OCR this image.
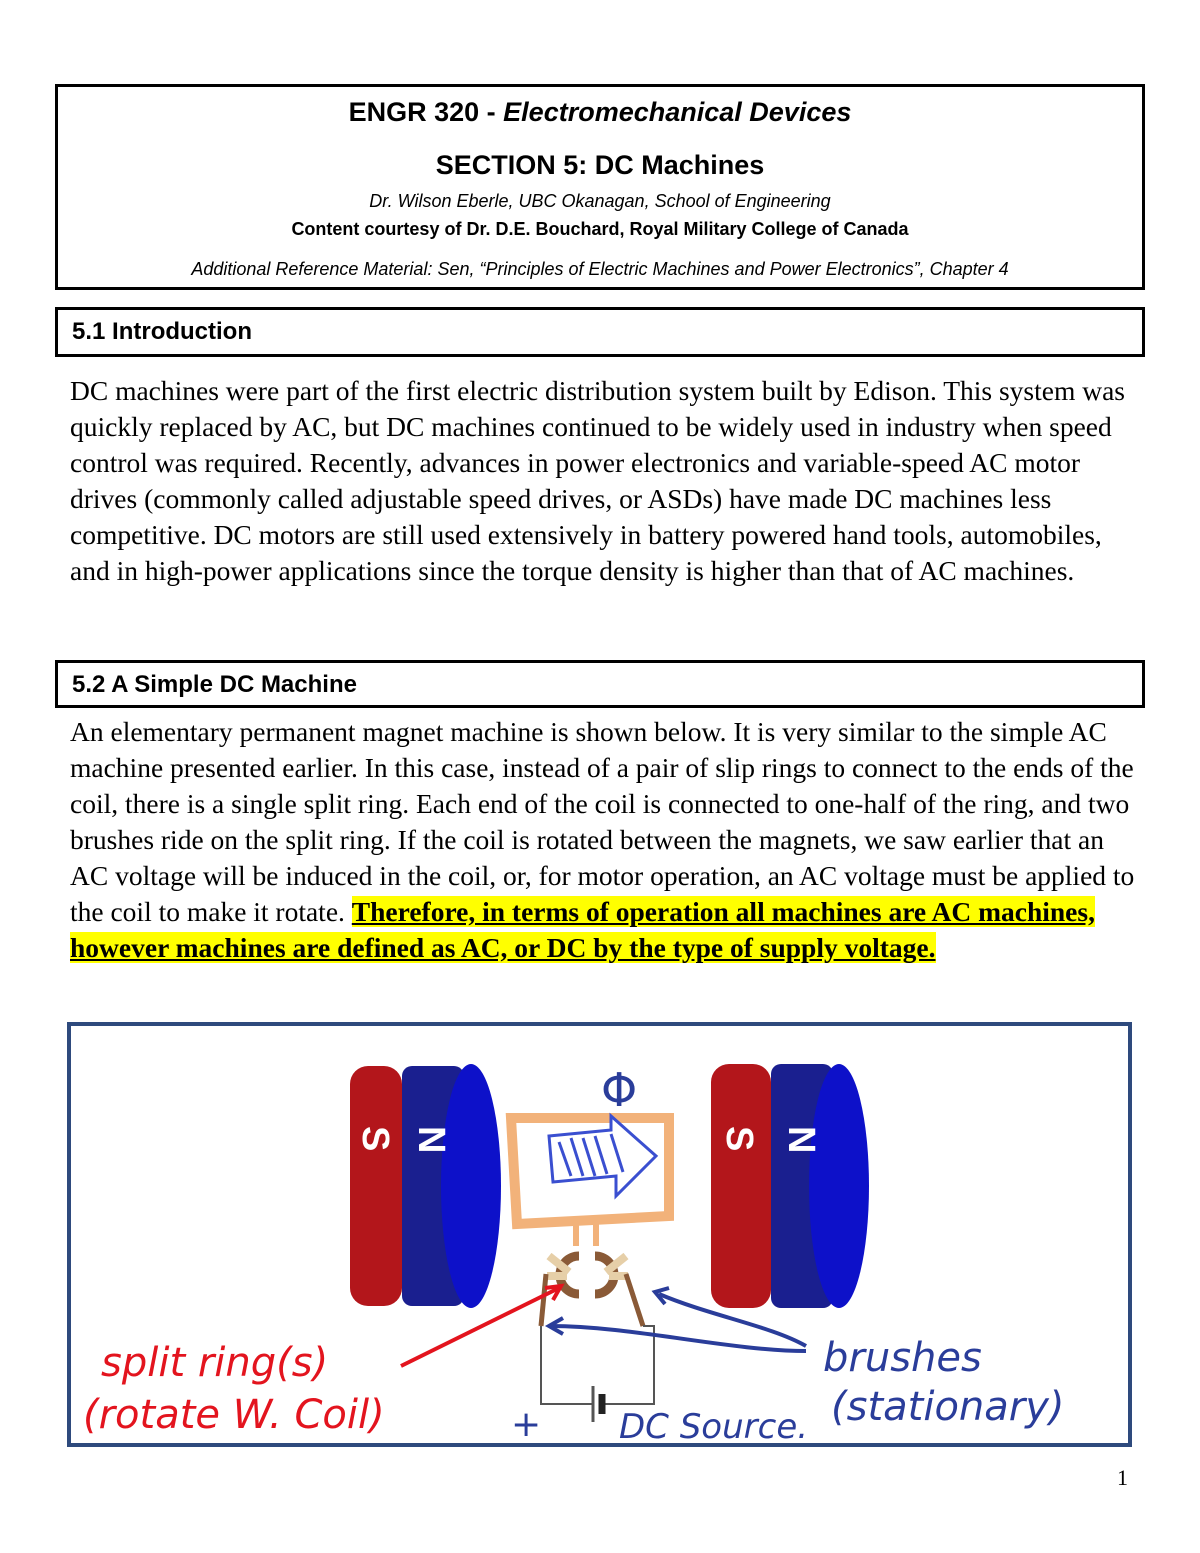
ENGR 320 - Electromechanical Devices
SECTION 5: DC Machines
Dr. Wilson Eberle, UBC Okanagan, School of Engineering
Content courtesy of Dr. D.E. Bouchard, Royal Military College of Canada
Additional Reference Material: Sen, “Principles of Electric Machines and Power Electronics”, Chapter 4
5.1 Introduction
DC machines were part of the first electric distribution system built by Edison. This system was quickly replaced by AC, but DC machines continued to be widely used in industry when speed control was required. Recently, advances in power electronics and variable-speed AC motor drives (commonly called adjustable speed drives, or ASDs) have made DC machines less competitive. DC motors are still used extensively in battery powered hand tools, automobiles, and in high-power applications since the torque density is higher than that of AC machines.
5.2 A Simple DC Machine
An elementary permanent magnet machine is shown below. It is very similar to the simple AC machine presented earlier. In this case, instead of a pair of slip rings to connect to the ends of the coil, there is a single split ring. Each end of the coil is connected to one-half of the ring, and two brushes ride on the split ring. If the coil is rotated between the magnets, we saw earlier that an AC voltage will be induced in the coil, or, for motor operation, an AC voltage must be applied to the coil to make it rotate. Therefore, in terms of operation all machines are AC machines, however machines are defined as AC, or DC by the type of supply voltage.
S N	S N
Φ
split ring(s)
(rotate W. Coil)
brushes
(stationary)
+ DC Source.
1
